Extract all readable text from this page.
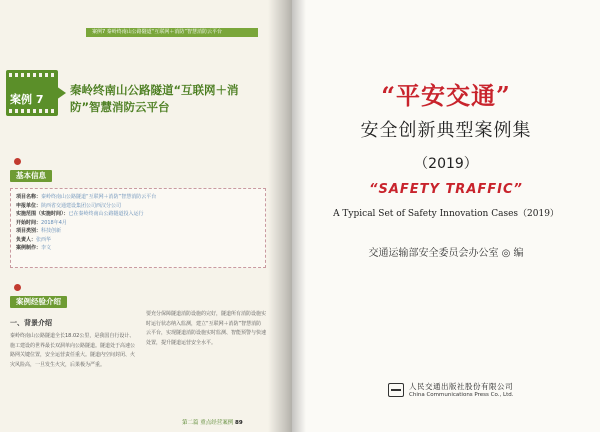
案例7 秦岭终南山公路隧道“互联网＋消防”智慧消防云平台
案例 7
秦岭终南山公路隧道“互联网＋消防”智慧消防云平台
基本信息
项目名称：秦岭终南山公路隧道“互联网＋消防”智慧消防云平台
申报单位：陕西省交通建设集团公司西汉分公司
实施范围（实施时间）：已在秦岭终南山公路隧道投入运行
开始时间：2018年4月
项目类别：科技创新
负责人：张西华
案例制作：李文
案例经验介绍
一、背景介绍
秦岭终南山公路隧道全长18.02公里，是我国自行设计、施工建设的世界最长双洞单向公路隧道。隧道处于高速公路网关键位置，安全运营责任重大。隧道内空间封闭、火灾风险高，一旦发生火灾，后果极为严重。
要充分保障隧道消防设施的完好，隧道所有消防设施实时运行状态纳入监测，建立“互联网＋消防”智慧消防云平台，实现隧道消防设施实时监测、智能预警与快速处置，提升隧道运营安全水平。
第二篇 重点经营案例 89
“平安交通”
安全创新典型案例集
（2019）
“SAFETY TRAFFIC”
A Typical Set of Safety Innovation Cases（2019）
交通运输部安全委员会办公室 ◎ 编
人民交通出版社股份有限公司
China Communications Press Co., Ltd.
